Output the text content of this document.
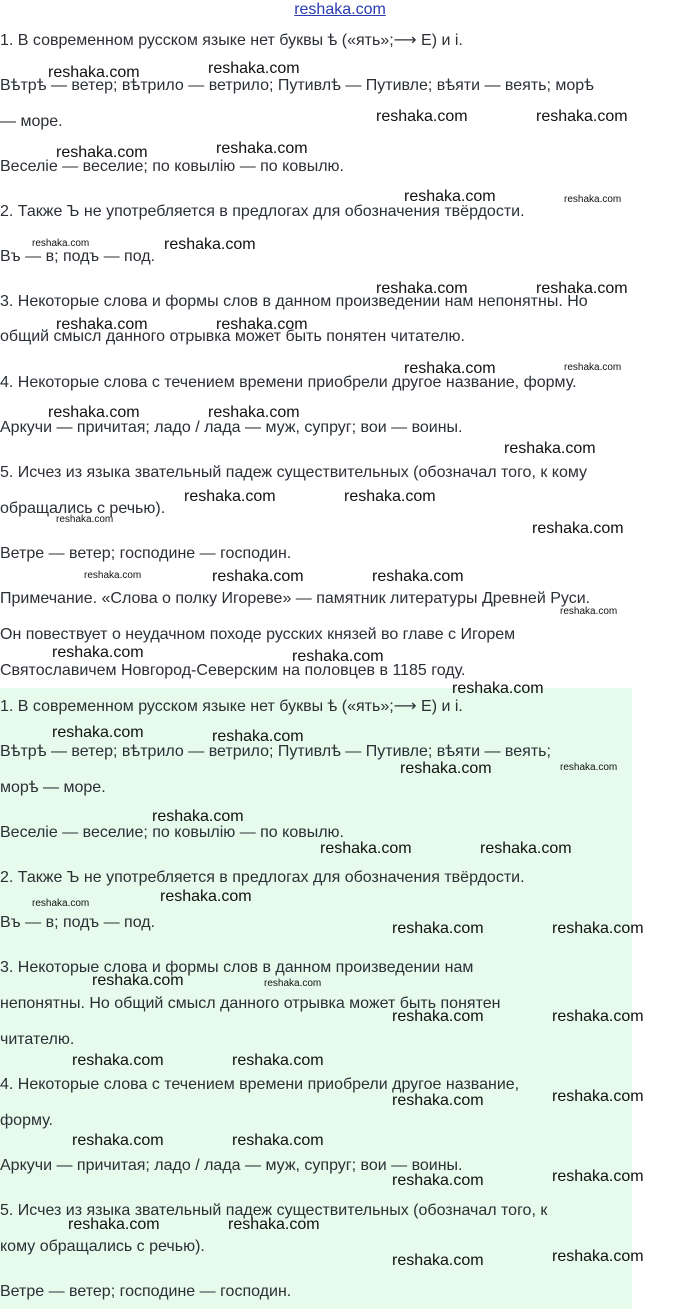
reshaka.com

1. В современном русском языке нет буквы ѣ («ять»;⟶ Е) и і.

Вѣтрѣ — ветер; вѣтрило — ветрило; Путивлѣ — Путивле; вѣяти — веять; морѣ

— море.

Веселіе — веселие; по ковылію — по ковылю.

2. Также Ъ не употребляется в предлогах для обозначения твёрдости.

Въ — в; подъ — под.

3. Некоторые слова и формы слов в данном произведении нам непонятны. Но

общий смысл данного отрывка может быть понятен читателю.

4. Некоторые слова с течением времени приобрели другое название, форму.

Аркучи — причитая; ладо / лада — муж, супруг; вои — воины.

5. Исчез из языка звательный падеж существительных (обозначал того, к кому

обращались с речью).

Ветре — ветер; господине — господин.

Примечание. «Слова о полку Игореве» — памятник литературы Древней Руси.

Он повествует о неудачном походе русских князей во главе с Игорем

Святославичем Новгород-Северским на половцев в 1185 году.

1. В современном русском языке нет буквы ѣ («ять»;⟶ Е) и і.

Вѣтрѣ — ветер; вѣтрило — ветрило; Путивлѣ — Путивле; вѣяти — веять;

морѣ — море.

Веселіе — веселие; по ковылію — по ковылю.

2. Также Ъ не употребляется в предлогах для обозначения твёрдости.

Въ — в; подъ — под.

3. Некоторые слова и формы слов в данном произведении нам

непонятны. Но общий смысл данного отрывка может быть понятен

читателю.

4. Некоторые слова с течением времени приобрели другое название,

форму.

Аркучи — причитая; ладо / лада — муж, супруг; вои — воины.

5. Исчез из языка звательный падеж существительных (обозначал того, к

кому обращались с речью).

Ветре — ветер; господине — господин.

reshaka.com	reshaka.com
reshaka.com	reshaka.com
reshaka.com	reshaka.com
reshaka.com	reshaka.com
reshaka.com	reshaka.com
reshaka.com	reshaka.com
reshaka.com	reshaka.com
reshaka.com	reshaka.com
reshaka.com	reshaka.com
reshaka.com
reshaka.com	reshaka.com
reshaka.com
reshaka.com
reshaka.com	reshaka.com	reshaka.com
reshaka.com
reshaka.com	reshaka.com
reshaka.com
reshaka.com	reshaka.com
reshaka.com	reshaka.com
reshaka.com
reshaka.com	reshaka.com
reshaka.com
reshaka.com
reshaka.com	reshaka.com
reshaka.com	reshaka.com
reshaka.com	reshaka.com
reshaka.com	reshaka.com
reshaka.com	reshaka.com
reshaka.com	reshaka.com
reshaka.com	reshaka.com
reshaka.com	reshaka.com
reshaka.com	reshaka.com
